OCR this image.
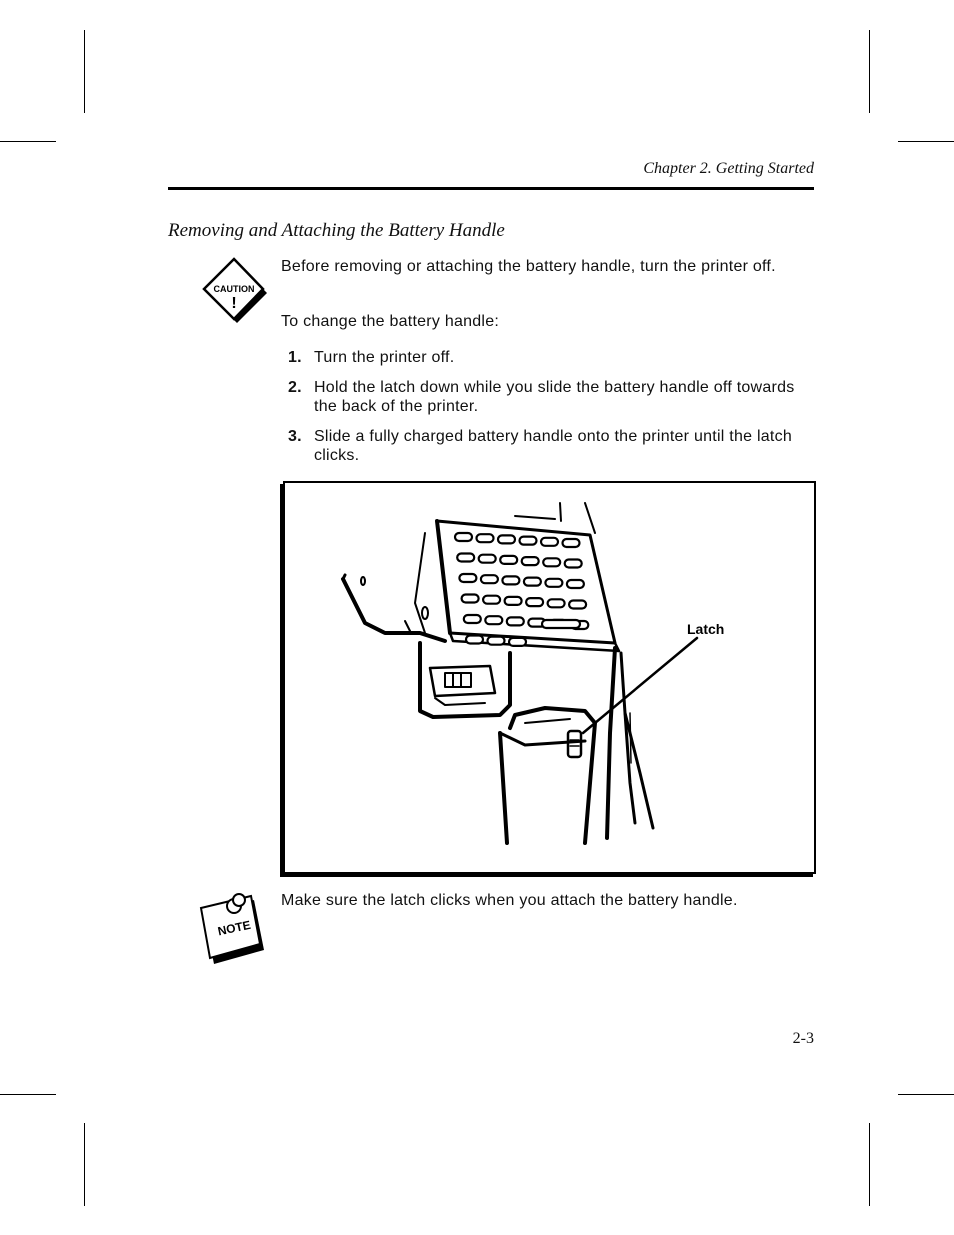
Chapter 2. Getting Started
Removing and Attaching the Battery Handle
CAUTION
!
Before removing or attaching the battery handle, turn the printer off.
To change the battery handle:
1. Turn the printer off.
2. Hold the latch down while you slide the battery handle off towards the back of the printer.
3. Slide a fully charged battery handle onto the printer until the latch clicks.
Latch
NOTE
Make sure the latch clicks when you attach the battery handle.
2-3
